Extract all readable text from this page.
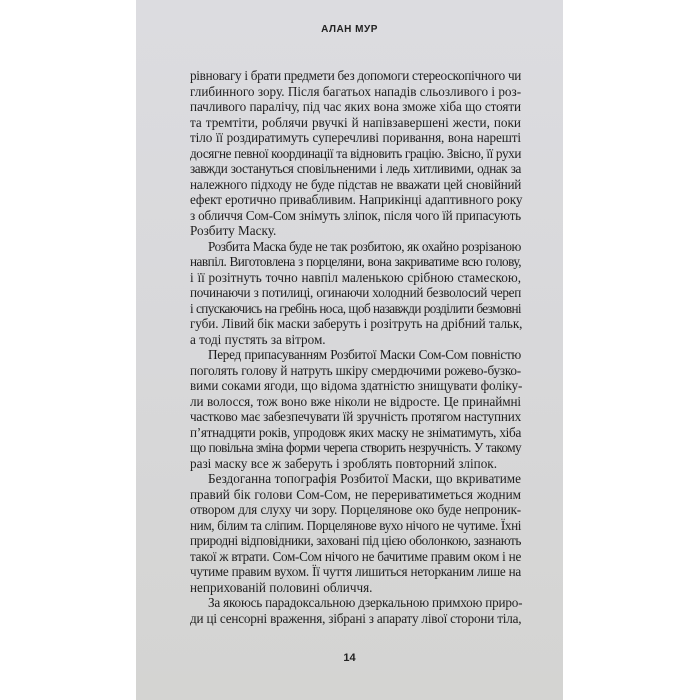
АЛАН МУР
рівновагу і брати предмети без допомоги стереоскопічного чи
глибинного зору. Після багатьох нападів сльозливого і роз-
пачливого паралічу, під час яких вона зможе хіба що стояти
та тремтіти, роблячи рвучкі й напівзавершені жести, поки
тіло її роздиратимуть суперечливі поривання, вона нарешті
досягне певної координації та відновить грацію. Звісно, її рухи
завжди зостануться сповільненими і ледь хитливими, однак за
належного підходу не буде підстав не вважати цей сновійний
ефект еротично привабливим. Наприкінці адаптивного року
з обличчя Сом-Сом знімуть зліпок, після чого їй припасують
Розбиту Маску.
Розбита Маска буде не так розбитою, як охайно розрізаною
навпіл. Виготовлена з порцеляни, вона закриватиме всю голову,
і її розітнуть точно навпіл маленькою срібною стамескою,
починаючи з потилиці, огинаючи холодний безволосий череп
і спускаючись на гребінь носа, щоб назавжди розділити безмовні
губи. Лівий бік маски заберуть і розітруть на дрібний тальк,
а тоді пустять за вітром.
Перед припасуванням Розбитої Маски Сом-Сом повністю
поголять голову й натруть шкіру смердючими рожево-бузко-
вими соками ягоди, що відома здатністю знищувати фоліку-
ли волосся, тож воно вже ніколи не відросте. Це принаймні
частково має забезпечувати їй зручність протягом наступних
п’ятнадцяти років, упродовж яких маску не зніматимуть, хіба
що повільна зміна форми черепа створить незручність. У такому
разі маску все ж заберуть і зроблять повторний зліпок.
Бездоганна топографія Розбитої Маски, що вкриватиме
правий бік голови Сом-Сом, не перериватиметься жодним
отвором для слуху чи зору. Порцелянове око буде непроник-
ним, білим та сліпим. Порцелянове вухо нічого не чутиме. Їхні
природні відповідники, заховані під цією оболонкою, зазнають
такої ж втрати. Сом-Сом нічого не бачитиме правим оком і не
чутиме правим вухом. Її чуття лишиться неторканим лише на
неприхованій половині обличчя.
За якоюсь парадоксальною дзеркальною примхою приро-
ди ці сенсорні враження, зібрані з апарату лівої сторони тіла,
14
